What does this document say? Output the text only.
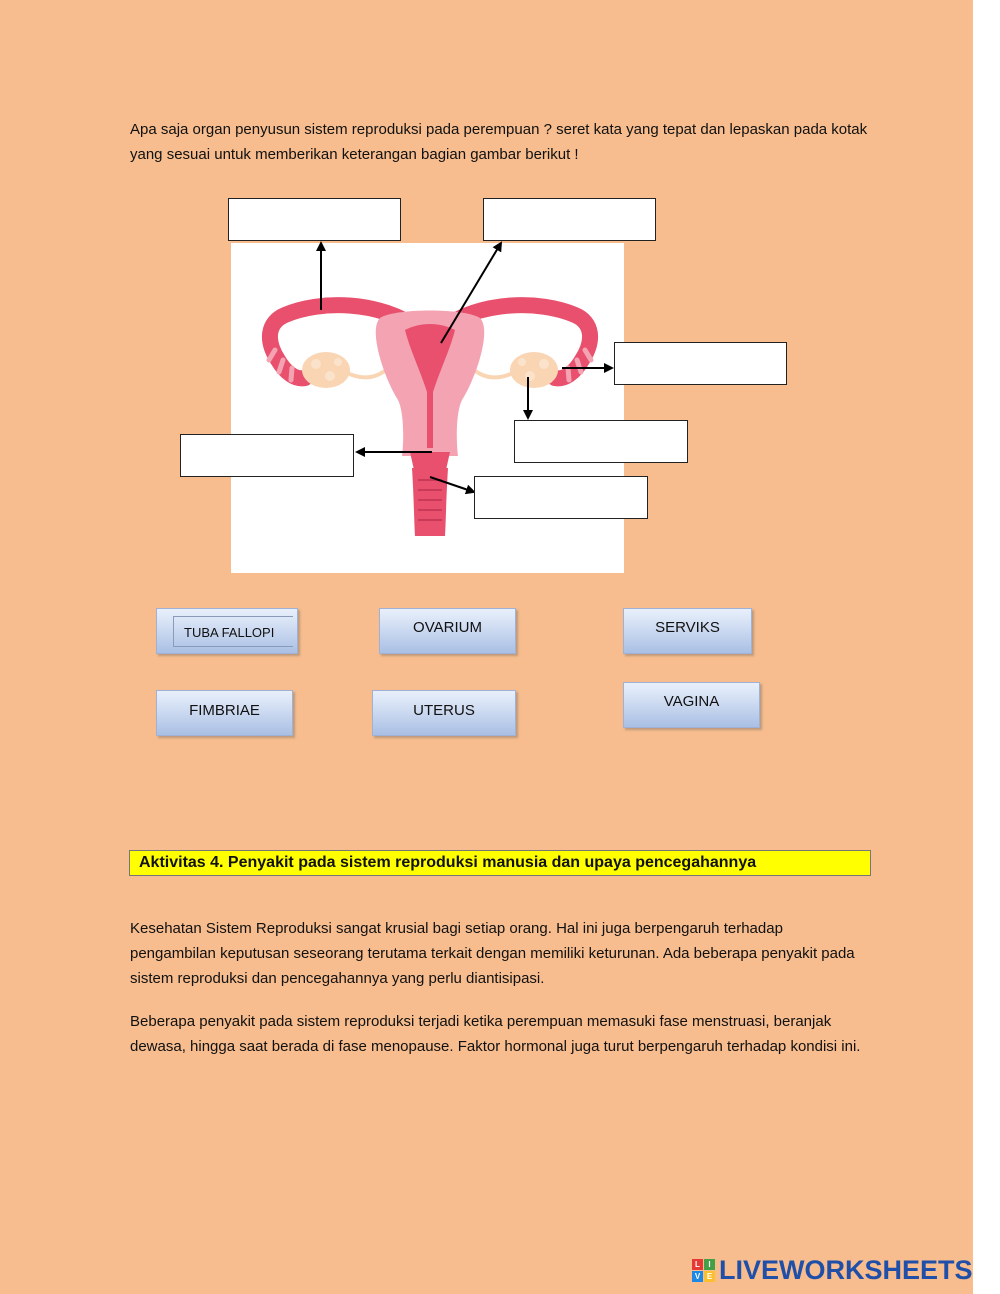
Apa saja organ penyusun sistem reproduksi pada perempuan ? seret kata yang tepat dan lepaskan pada kotak yang sesuai untuk memberikan keterangan bagian gambar berikut !
TUBA FALLOPI	OVARIUM	SERVIKS
FIMBRIAE	UTERUS
VAGINA
Aktivitas 4. Penyakit pada sistem reproduksi manusia dan upaya pencegahannya

Kesehatan Sistem Reproduksi sangat krusial bagi setiap orang. Hal ini juga berpengaruh terhadap pengambilan keputusan seseorang terutama terkait dengan memiliki keturunan. Ada beberapa penyakit pada sistem reproduksi dan pencegahannya yang perlu diantisipasi.

Beberapa penyakit pada sistem reproduksi terjadi ketika perempuan memasuki fase menstruasi, beranjak dewasa, hingga saat berada di fase menopause. Faktor hormonal juga turut berpengaruh terhadap kondisi ini.

L	I
V E LIVEWORKSHEETS
